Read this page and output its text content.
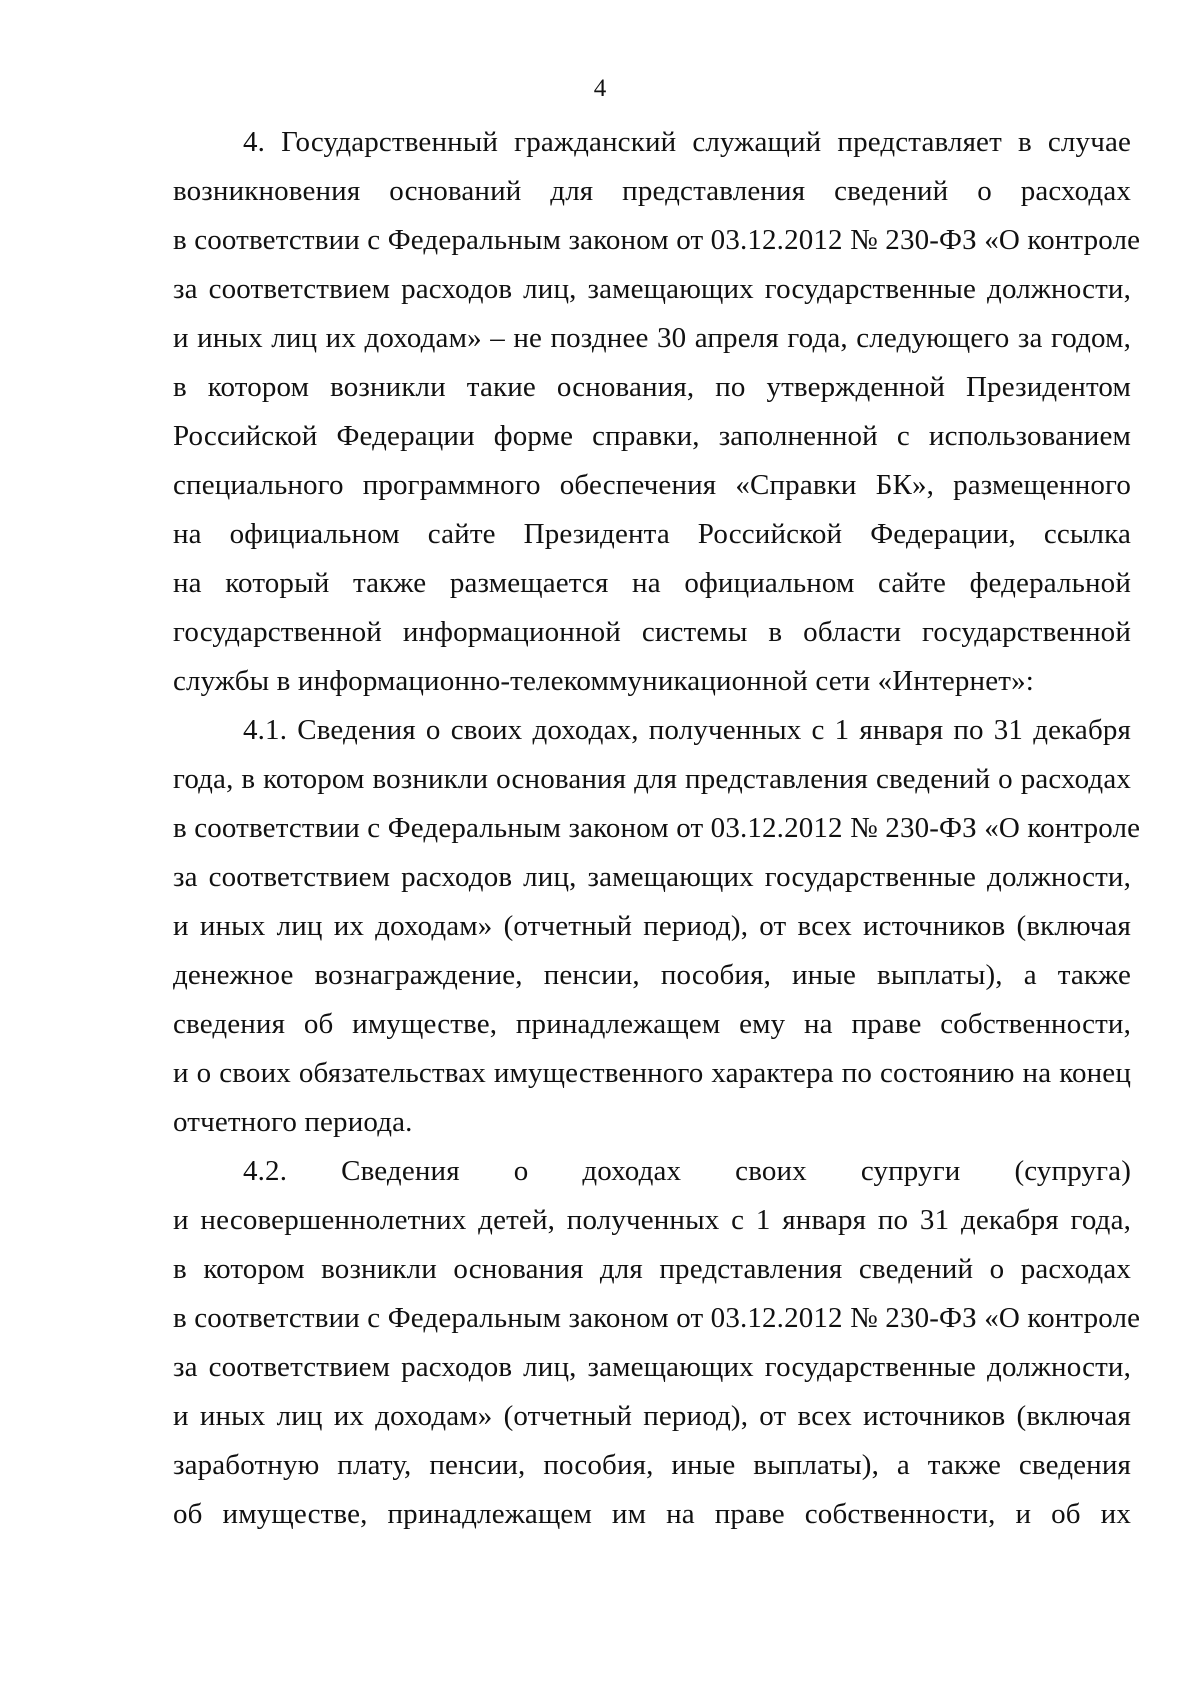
4
4. Государственный гражданский служащий представляет в случае
возникновения оснований для представления сведений о расходах
в соответствии с Федеральным законом от 03.12.2012 № 230-ФЗ «О контроле
за соответствием расходов лиц, замещающих государственные должности,
и иных лиц их доходам» – не позднее 30 апреля года, следующего за годом,
в котором возникли такие основания, по утвержденной Президентом
Российской Федерации форме справки, заполненной с использованием
специального программного обеспечения «Справки БК», размещенного
на официальном сайте Президента Российской Федерации, ссылка
на который также размещается на официальном сайте федеральной
государственной информационной системы в области государственной
службы в информационно-телекоммуникационной сети «Интернет»:
4.1. Сведения о своих доходах, полученных с 1 января по 31 декабря
года, в котором возникли основания для представления сведений о расходах
в соответствии с Федеральным законом от 03.12.2012 № 230-ФЗ «О контроле
за соответствием расходов лиц, замещающих государственные должности,
и иных лиц их доходам» (отчетный период), от всех источников (включая
денежное вознаграждение, пенсии, пособия, иные выплаты), а также
сведения об имуществе, принадлежащем ему на праве собственности,
и о своих обязательствах имущественного характера по состоянию на конец
отчетного периода.
4.2. Сведения о доходах своих супруги (супруга)
и несовершеннолетних детей, полученных с 1 января по 31 декабря года,
в котором возникли основания для представления сведений о расходах
в соответствии с Федеральным законом от 03.12.2012 № 230-ФЗ «О контроле
за соответствием расходов лиц, замещающих государственные должности,
и иных лиц их доходам» (отчетный период), от всех источников (включая
заработную плату, пенсии, пособия, иные выплаты), а также сведения
об имуществе, принадлежащем им на праве собственности, и об их
